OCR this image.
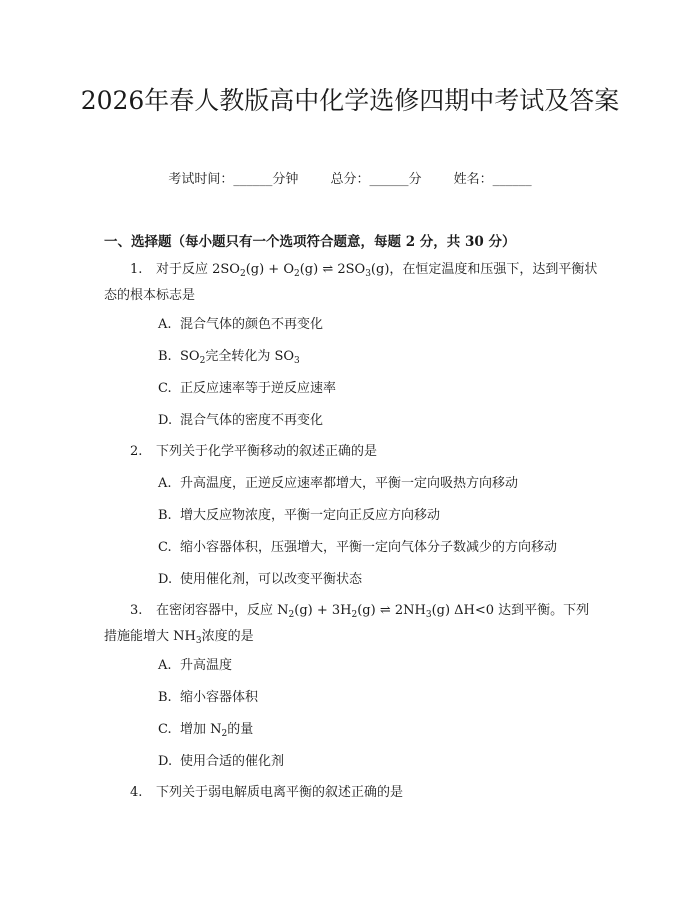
2026年春人教版高中化学选修四期中考试及答案
考试时间：______分钟 总分：______分 姓名：______
一、选择题（每小题只有一个选项符合题意，每题 2 分，共 30 分）
1. 对于反应 $2SO_2(g) + O_2(g)$ ⇌ $2SO_3(g)$，在恒定温度和压强下，达到平衡状态的根本标志是
A. 混合气体的颜色不再变化
B. $SO_2$完全转化为 $SO_3$
C. 正反应速率等于逆反应速率
D. 混合气体的密度不再变化
2. 下列关于化学平衡移动的叙述正确的是
A. 升高温度，正逆反应速率都增大，平衡一定向吸热方向移动
B. 增大反应物浓度，平衡一定向正反应方向移动
C. 缩小容器体积，压强增大，平衡一定向气体分子数减少的方向移动
D. 使用催化剂，可以改变平衡状态
3. 在密闭容器中，反应 $N_2(g) + 3H_2(g)$ ⇌ $2NH_3(g)$ ΔH<0 达到平衡。下列措施能增大 $NH_3$浓度的是
A. 升高温度
B. 缩小容器体积
C. 增加 $N_2$的量
D. 使用合适的催化剂
4. 下列关于弱电解质电离平衡的叙述正确的是
